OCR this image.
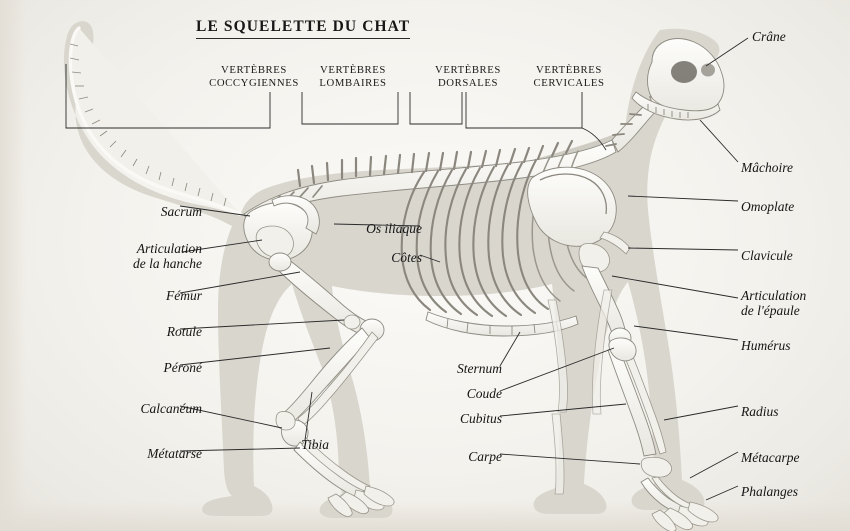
LE SQUELETTE DU CHAT
VERTÈBRES
COCCYGIENNES
VERTÈBRES
LOMBAIRES
VERTÈBRES
DORSALES
VERTÈBRES
CERVICALES
Sacrum
Articulation
de la hanche
Fémur
Rotule
Péroné
Calcanéum
Métatarse
Os iliaque
Côtes
Tibia
Sternum
Coude
Cubitus
Carpe
Crâne
Mâchoire
Omoplate
Clavicule
Articulation
de l'épaule
Humérus
Radius
Métacarpe
Phalanges
